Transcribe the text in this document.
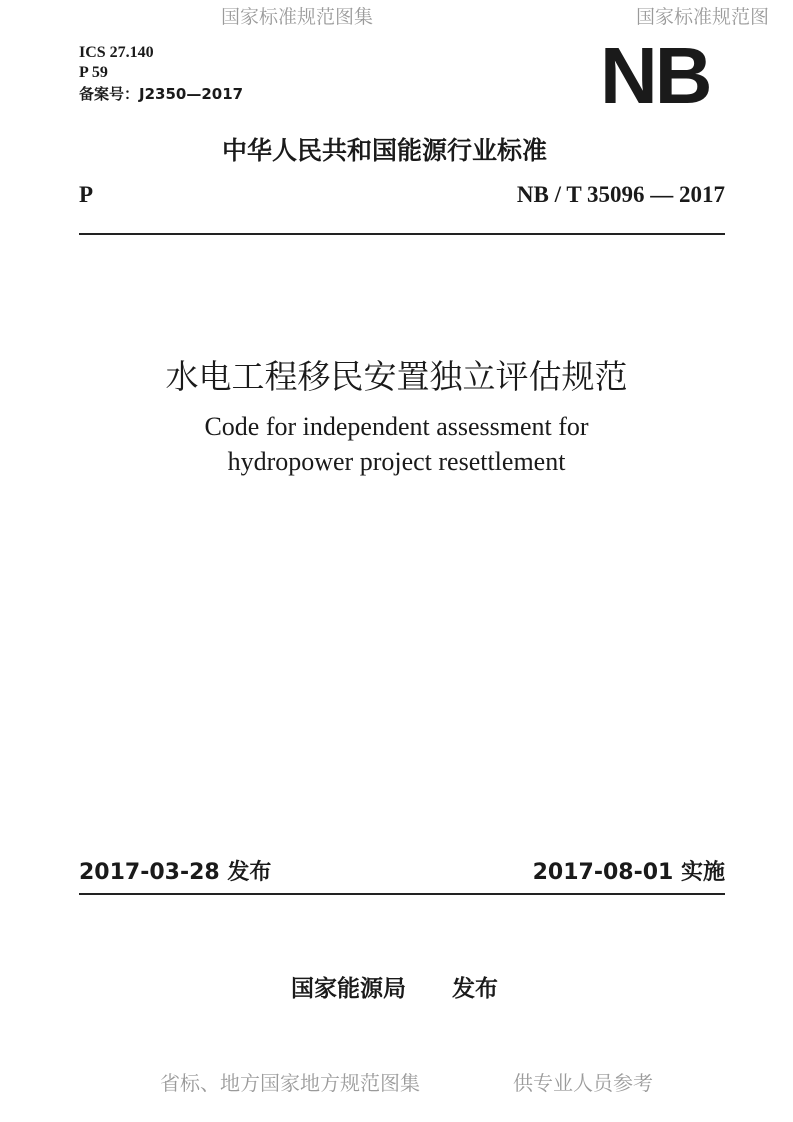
国家标准规范图集	国家标准规范图
ICS 27.140
P 59
备案号：J2350—2017	NB
中华人民共和国能源行业标准
P	NB / T 35096 — 2017
水电工程移民安置独立评估规范
Code for independent assessment for
hydropower project resettlement
2017-03-28 发布	2017-08-01 实施
国家能源局　　发布
省标、地方国家地方规范图集	供专业人员参考
